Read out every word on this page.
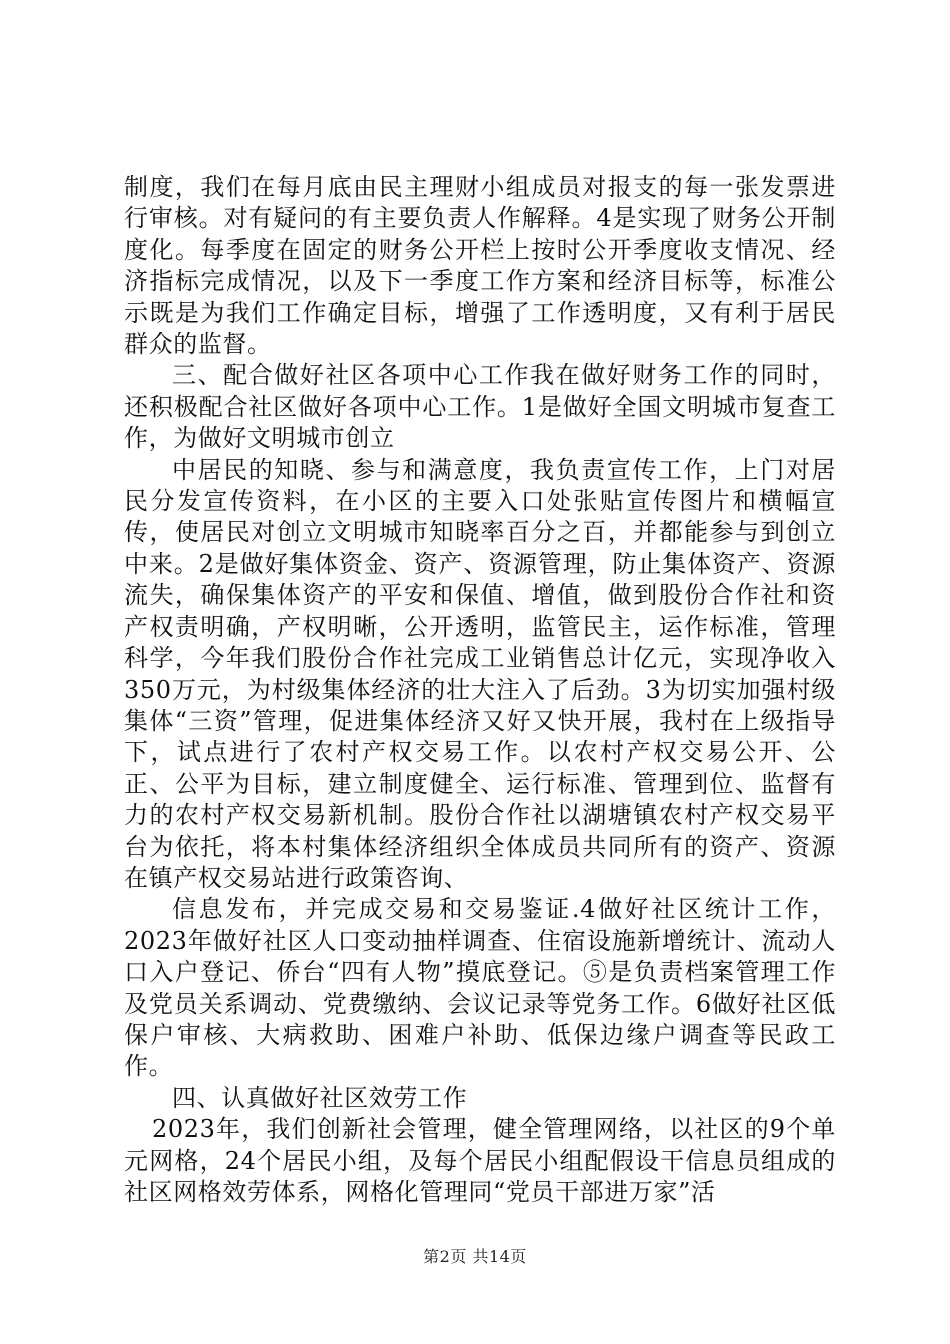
制度，我们在每月底由民主理财小组成员对报支的每一张发票进行审核。对有疑问的有主要负责人作解释。4是实现了财务公开制度化。每季度在固定的财务公开栏上按时公开季度收支情况、经济指标完成情况，以及下一季度工作方案和经济目标等，标准公示既是为我们工作确定目标，增强了工作透明度，又有利于居民群众的监督。

三、配合做好社区各项中心工作我在做好财务工作的同时，还积极配合社区做好各项中心工作。1是做好全国文明城市复查工作，为做好文明城市创立

中居民的知晓、参与和满意度，我负责宣传工作，上门对居民分发宣传资料，在小区的主要入口处张贴宣传图片和横幅宣传，使居民对创立文明城市知晓率百分之百，并都能参与到创立中来。2是做好集体资金、资产、资源管理，防止集体资产、资源流失，确保集体资产的平安和保值、增值，做到股份合作社和资产权责明确，产权明晰，公开透明，监管民主，运作标准，管理科学，今年我们股份合作社完成工业销售总计亿元，实现净收入350万元，为村级集体经济的壮大注入了后劲。3为切实加强村级集体“三资”管理，促进集体经济又好又快开展，我村在上级指导下，试点进行了农村产权交易工作。以农村产权交易公开、公正、公平为目标，建立制度健全、运行标准、管理到位、监督有力的农村产权交易新机制。股份合作社以湖塘镇农村产权交易平台为依托，将本村集体经济组织全体成员共同所有的资产、资源在镇产权交易站进行政策咨询、

信息发布，并完成交易和交易鉴证.4做好社区统计工作，2023年做好社区人口变动抽样调查、住宿设施新增统计、流动人口入户登记、侨台“四有人物”摸底登记。⑤是负责档案管理工作及党员关系调动、党费缴纳、会议记录等党务工作。6做好社区低保户审核、大病救助、困难户补助、低保边缘户调查等民政工作。

四、认真做好社区效劳工作

2023年，我们创新社会管理，健全管理网络，以社区的9个单元网格，24个居民小组，及每个居民小组配假设干信息员组成的社区网格效劳体系，网格化管理同“党员干部进万家”活

第2页 共14页
